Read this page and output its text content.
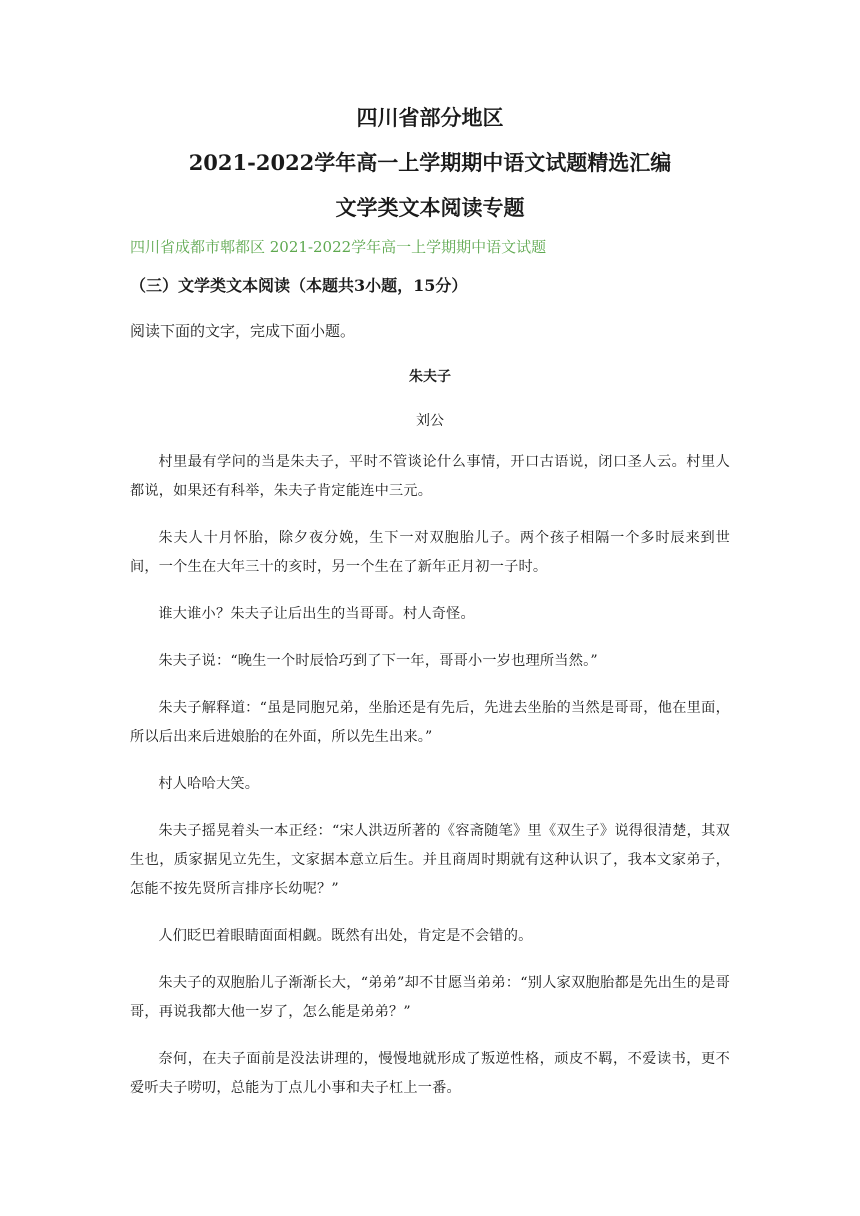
四川省部分地区
2021-2022学年高一上学期期中语文试题精选汇编
文学类文本阅读专题
四川省成都市郫都区 2021-2022学年高一上学期期中语文试题
（三）文学类文本阅读（本题共3小题，15分）
阅读下面的文字，完成下面小题。
朱夫子
刘公

村里最有学问的当是朱夫子，平时不管谈论什么事情，开口古语说，闭口圣人云。村里人都说，如果还有科举，朱夫子肯定能连中三元。

朱夫人十月怀胎，除夕夜分娩，生下一对双胞胎儿子。两个孩子相隔一个多时辰来到世间，一个生在大年三十的亥时，另一个生在了新年正月初一子时。

谁大谁小？朱夫子让后出生的当哥哥。村人奇怪。

朱夫子说：“晚生一个时辰恰巧到了下一年，哥哥小一岁也理所当然。”

朱夫子解释道：“虽是同胞兄弟，坐胎还是有先后，先进去坐胎的当然是哥哥，他在里面，所以后出来后进娘胎的在外面，所以先生出来。”

村人哈哈大笑。

朱夫子摇晃着头一本正经：“宋人洪迈所著的《容斋随笔》里《双生子》说得很清楚，其双生也，质家据见立先生，文家据本意立后生。并且商周时期就有这种认识了，我本文家弟子，怎能不按先贤所言排序长幼呢？”

人们眨巴着眼睛面面相觑。既然有出处，肯定是不会错的。

朱夫子的双胞胎儿子渐渐长大，“弟弟”却不甘愿当弟弟：“别人家双胞胎都是先出生的是哥哥，再说我都大他一岁了，怎么能是弟弟？”

奈何，在夫子面前是没法讲理的，慢慢地就形成了叛逆性格，顽皮不羁，不爱读书，更不爱听夫子唠叨，总能为丁点儿小事和夫子杠上一番。
